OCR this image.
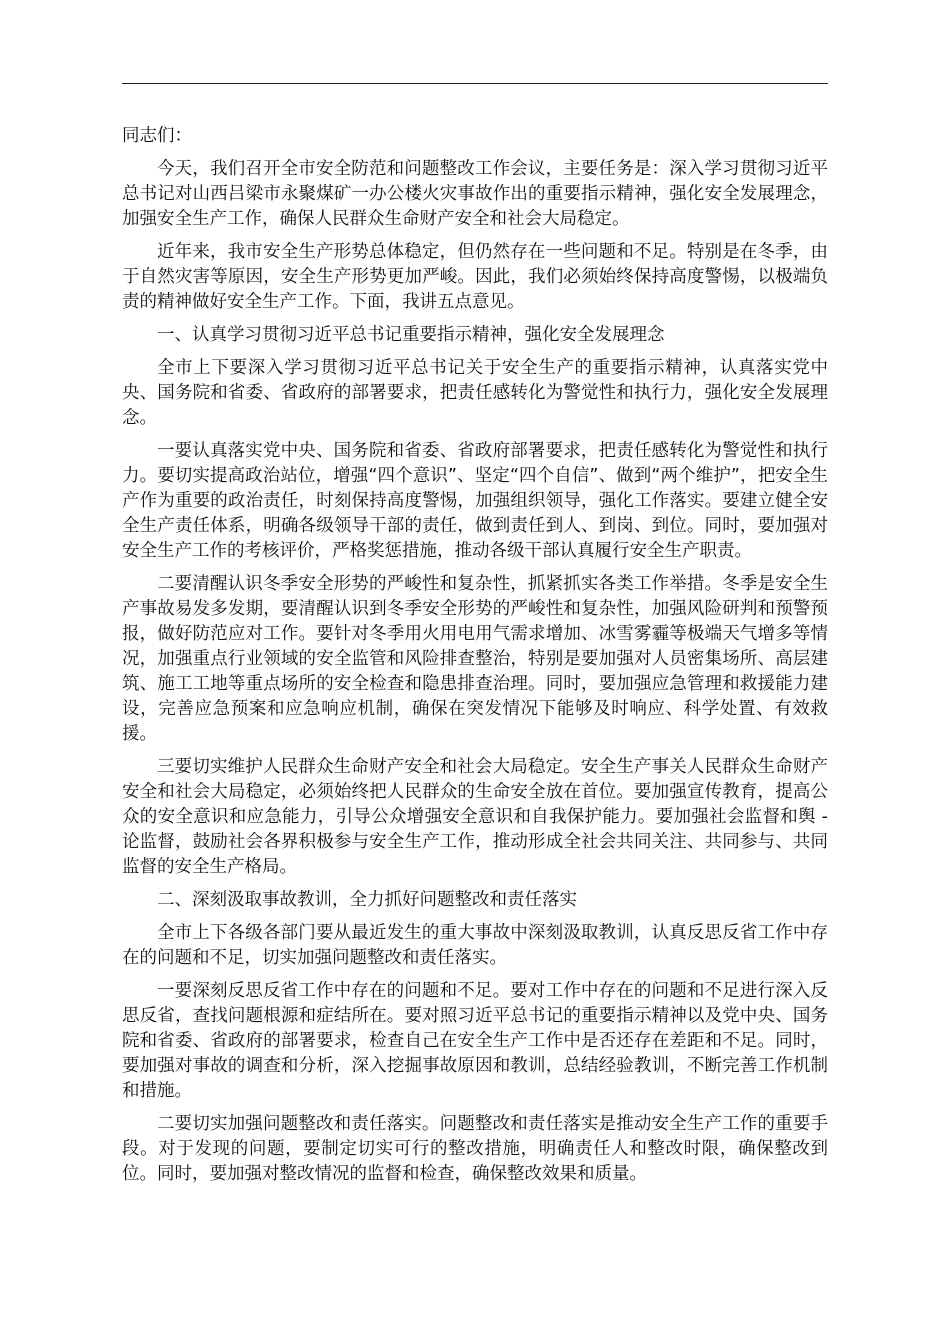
同志们：

今天，我们召开全市安全防范和问题整改工作会议，主要任务是：深入学习贯彻习近平总书记对山西吕梁市永聚煤矿一办公楼火灾事故作出的重要指示精神，强化安全发展理念，加强安全生产工作，确保人民群众生命财产安全和社会大局稳定。

近年来，我市安全生产形势总体稳定，但仍然存在一些问题和不足。特别是在冬季，由于自然灾害等原因，安全生产形势更加严峻。因此，我们必须始终保持高度警惕，以极端负责的精神做好安全生产工作。下面，我讲五点意见。

一、认真学习贯彻习近平总书记重要指示精神，强化安全发展理念

全市上下要深入学习贯彻习近平总书记关于安全生产的重要指示精神，认真落实党中央、国务院和省委、省政府的部署要求，把责任感转化为警觉性和执行力，强化安全发展理念。

一要认真落实党中央、国务院和省委、省政府部署要求，把责任感转化为警觉性和执行力。要切实提高政治站位，增强“四个意识”、坚定“四个自信”、做到“两个维护”，把安全生产作为重要的政治责任，时刻保持高度警惕，加强组织领导，强化工作落实。要建立健全安全生产责任体系，明确各级领导干部的责任，做到责任到人、到岗、到位。同时，要加强对安全生产工作的考核评价，严格奖惩措施，推动各级干部认真履行安全生产职责。

二要清醒认识冬季安全形势的严峻性和复杂性，抓紧抓实各类工作举措。冬季是安全生产事故易发多发期，要清醒认识到冬季安全形势的严峻性和复杂性，加强风险研判和预警预报，做好防范应对工作。要针对冬季用火用电用气需求增加、冰雪雾霾等极端天气增多等情况，加强重点行业领域的安全监管和风险排查整治，特别是要加强对人员密集场所、高层建筑、施工工地等重点场所的安全检查和隐患排查治理。同时，要加强应急管理和救援能力建设，完善应急预案和应急响应机制，确保在突发情况下能够及时响应、科学处置、有效救援。

三要切实维护人民群众生命财产安全和社会大局稳定。安全生产事关人民群众生命财产安全和社会大局稳定，必须始终把人民群众的生命安全放在首位。要加强宣传教育，提高公众的安全意识和应急能力，引导公众增强安全意识和自我保护能力。要加强社会监督和舆 - 论监督，鼓励社会各界积极参与安全生产工作，推动形成全社会共同关注、共同参与、共同监督的安全生产格局。

二、深刻汲取事故教训，全力抓好问题整改和责任落实

全市上下各级各部门要从最近发生的重大事故中深刻汲取教训，认真反思反省工作中存在的问题和不足，切实加强问题整改和责任落实。

一要深刻反思反省工作中存在的问题和不足。要对工作中存在的问题和不足进行深入反思反省，查找问题根源和症结所在。要对照习近平总书记的重要指示精神以及党中央、国务院和省委、省政府的部署要求，检查自己在安全生产工作中是否还存在差距和不足。同时，要加强对事故的调查和分析，深入挖掘事故原因和教训，总结经验教训，不断完善工作机制和措施。

二要切实加强问题整改和责任落实。问题整改和责任落实是推动安全生产工作的重要手段。对于发现的问题，要制定切实可行的整改措施，明确责任人和整改时限，确保整改到位。同时，要加强对整改情况的监督和检查，确保整改效果和质量。
